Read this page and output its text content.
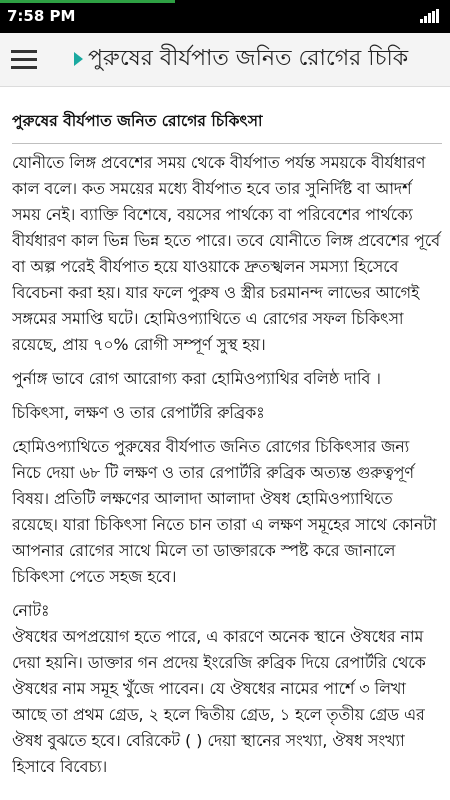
7:58 PM
পুরুষের বীর্যপাত জনিত রোগের চিকি
পুরুষের বীর্যপাত জনিত রোগের চিকিৎসা

যোনীতে লিঙ্গ প্রবেশের সময় থেকে বীর্যপাত পর্যন্ত সময়কে বীর্যধারণ কাল বলে। কত সময়ের মধ্যে বীর্যপাত হবে তার সুনির্দিষ্ট বা আদর্শ সময় নেই। ব্যাক্তি বিশেষে, বয়সের পার্থক্যে বা পরিবেশের পার্থক্যে বীর্যধারণ কাল ভিন্ন ভিন্ন হতে পারে। তবে যোনীতে লিঙ্গ প্রবেশের পূর্বে বা অল্প পরেই বীর্যপাত হয়ে যাওয়াকে দ্রুতস্খলন সমস্যা হিসেবে বিবেচনা করা হয়। যার ফলে পুরুষ ও স্ত্রীর চরমানন্দ লাভের আগেই সঙ্গমের সমাপ্তি ঘটে। হোমিওপ্যাথিতে এ রোগের সফল চিকিৎসা রয়েছে, প্রায় ৭০% রোগী সম্পূর্ণ সুস্থ হয়।

পুর্নাঙ্গ ভাবে রোগ আরোগ্য করা হোমিওপ্যাথির বলিষ্ঠ দাবি ।

চিকিৎসা, লক্ষণ ও তার রেপার্টরি রুব্রিকঃ

হোমিওপ্যাথিতে পুরুষের বীর্যপাত জনিত রোগের চিকিৎসার জন্য নিচে দেয়া ৬৮ টি লক্ষণ ও তার রেপার্টরি রুব্রিক অত্যন্ত গুরুত্বপূর্ণ বিষয়। প্রতিটি লক্ষণের আলাদা আলাদা ঔষধ হোমিওপ্যাথিতে রয়েছে। যারা চিকিৎসা নিতে চান তারা এ লক্ষণ সমূহের সাথে কোনটা আপনার রোগের সাথে মিলে তা ডাক্তারকে স্পষ্ট করে জানালে চিকিৎসা পেতে সহজ হবে।

নোটঃ
ঔষধের অপপ্রয়োগ হতে পারে, এ কারণে অনেক স্থানে ঔষধের নাম দেয়া হয়নি। ডাক্তার গন প্রদেয় ইংরেজি রুব্রিক দিয়ে রেপার্টরি থেকে ঔষধের নাম সমূহ খুঁজে পাবেন। যে ঔষধের নামের পার্শে ৩ লিখা আছে তা প্রথম গ্রেড, ২ হলে দ্বিতীয় গ্রেড, ১ হলে তৃতীয় গ্রেড এর ঔষধ বুঝতে হবে। বেরিকেট ( ) দেয়া স্থানের সংখ্যা, ঔষধ সংখ্যা হিসাবে বিবেচ্য।
